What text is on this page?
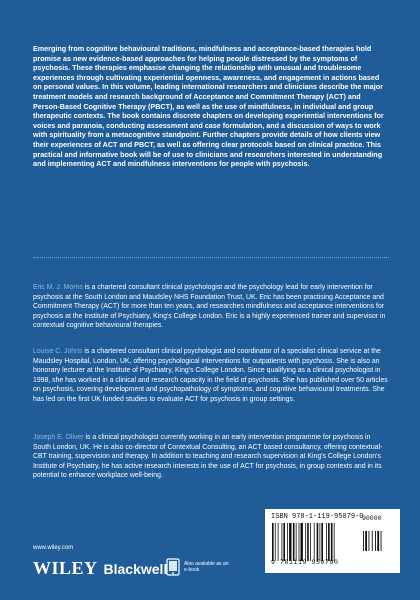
Emerging from cognitive behavioural traditions, mindfulness and acceptance-based therapies hold promise as new evidence-based approaches for helping people distressed by the symptoms of psychosis. These therapies emphasise changing the relationship with unusual and troublesome experiences through cultivating experiential openness, awareness, and engagement in actions based on personal values. In this volume, leading international researchers and clinicians describe the major treatment models and research background of Acceptance and Commitment Therapy (ACT) and Person-Based Cognitive Therapy (PBCT), as well as the use of mindfulness, in individual and group therapeutic contexts. The book contains discrete chapters on developing experiential interventions for voices and paranoia, conducting assessment and case formulation, and a discussion of ways to work with spirituality from a metacognitive standpoint. Further chapters provide details of how clients view their experiences of ACT and PBCT, as well as offering clear protocols based on clinical practice. This practical and informative book will be of use to clinicians and researchers interested in understanding and implementing ACT and mindfulness interventions for people with psychosis.

Eric M. J. Morris is a chartered consultant clinical psychologist and the psychology lead for early intervention for psychosis at the South London and Maudsley NHS Foundation Trust, UK. Eric has been practising Acceptance and Commitment Therapy (ACT) for more than ten years, and researches mindfulness and acceptance interventions for psychosis at the Institute of Psychiatry, King's College London. Eric is a highly experienced trainer and supervisor in contextual cognitive behavioural therapies.

Louise C. Johns is a chartered consultant clinical psychologist and coordinator of a specialist clinical service at the Maudsley Hospital, London, UK, offering psychological interventions for outpatients with psychosis. She is also an honorary lecturer at the Institute of Psychiatry, King's College London. Since qualifying as a clinical psychologist in 1998, she has worked in a clinical and research capacity in the field of psychosis. She has published over 50 articles on psychosis, covering development and psychopathology of symptoms, and cognitive behavioural treatments. She has led on the first UK funded studies to evaluate ACT for psychosis in group settings.

Joseph E. Oliver is a clinical psychologist currently working in an early intervention programme for psychosis in South London, UK. He is also co-director of Contextual Consulting, an ACT based consultancy, offering contextual-CBT training, supervision and therapy. In addition to teaching and research supervision at King's College London's Institute of Psychiatry, he has active research interests in the use of ACT for psychosis, in group contexts and in its potential to enhance workplace well-being.

ISBN 978-1-119-95079-0
9 781119 950790
90000
www.wiley.com
WILEY Blackwell	Also available as an e-book
